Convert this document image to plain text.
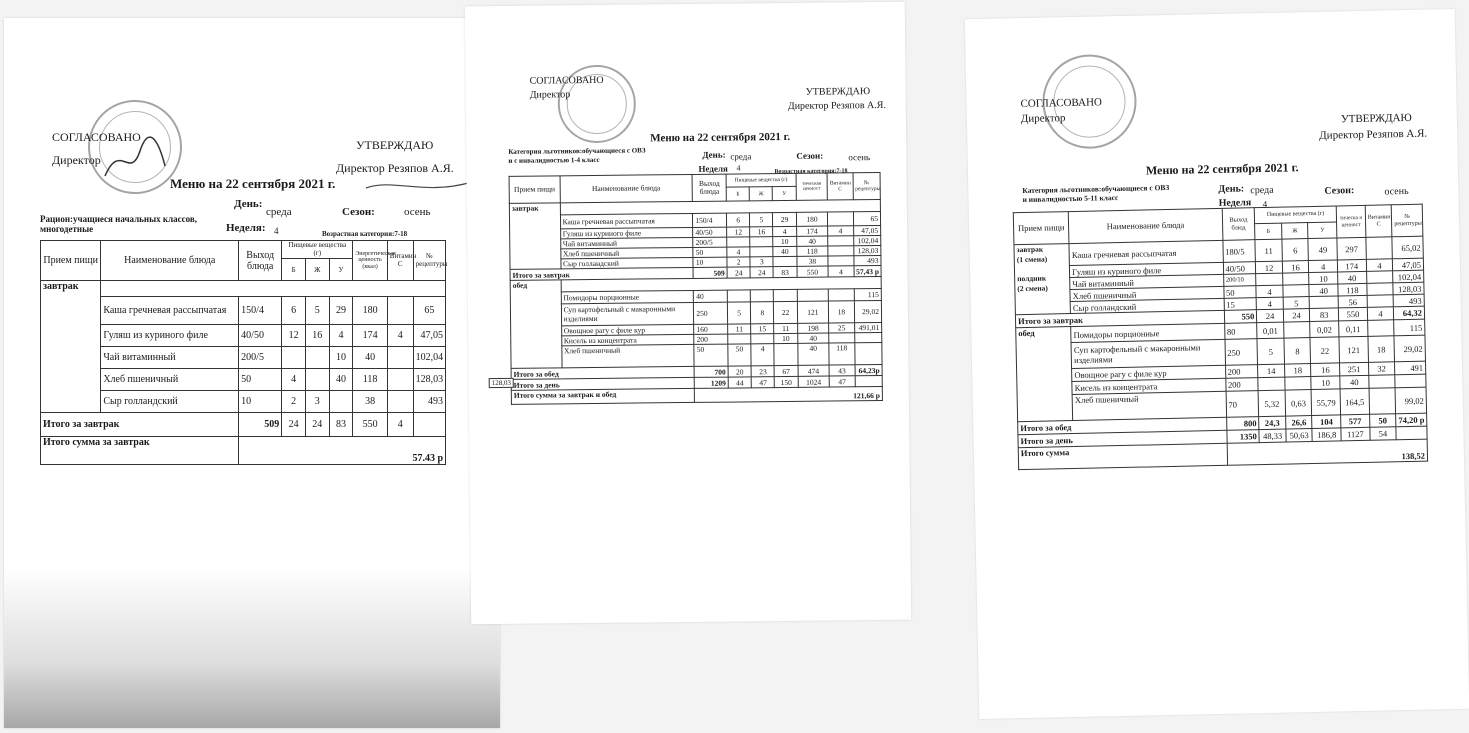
СОГЛАСОВАНО
Директор
УТВЕРЖДАЮ
Директор Резяпов А.Я.
Меню на 22 сентября 2021 г.
День:
среда	Сезон:	осень
Рацион:учащиеся начальных классов,
многодетные	Неделя: 4	Возрастная категория:7-18
Прием пищи	Наименование блюда	Выход блюда	Пищевые вещества (г)			Энергетическая ценность (ккал)	Витамин С	№ рецептуры
			Б	Ж	У			
завтрак								
	Каша гречневая рассыпчатая	150/4	6	5	29	180		65
	Гуляш из куриного филе	40/50	12	16	4	174	4	47,05
	Чай витаминный	200/5			10	40		102,04
	Хлеб пшеничный	50	4		40	118		128,03
	Сыр голландский	10	2	3		38		493
Итого за завтрак		509	24	24	83	550	4	
Итого сумма за завтрак		57.43 р						
СОГЛАСОВАНО
Директор	УТВЕРЖДАЮ
Директор Резяпов А.Я.
Меню на 22 сентября 2021 г.
Категория льготников:обучающиеся с ОВЗ
и с инвалидностью 1-4 класс
День: среда	Сезон:	осень
Неделя 4	Возрастная категория:7-18
Прием пищи	Наименование блюда	Выход блюда	Пищевые вещества (г)			тическая ценност	Витамин С	№ рецептуры
			Б	Ж	У			
завтрак								
	Каша гречневая рассыпчатая	150/4	6	5	29	180		65
	Гуляш из куриного филе	40/50	12	16	4	174	4	47,05
	Чай витаминный	200/5			10	40		102,04
	Хлеб пшеничный	50	4		40	118		128,03
	Сыр голландский	10	2	3		38		493
Итого за завтрак		509	24	24	83	550	4	57,43 р
обед								
	Помидоры порционные	40						115
	Суп картофельный с макаронными изделиями	250	5	8	22	121	18	29,02
	Овощное рагу с филе кур	160	11	15	11	198	25	491,01
	Кисель из концентрата	200			10	40		
	Хлеб пшеничный	50	50	4		40	118	
Итого за обед		700	20	23	67	474	43	64,23р
Итого за день		1209	44	47	150	1024	47	
Итого сумма за завтрак и обед		121,66 р						
128,03
СОГЛАСОВАНО
Директор	УТВЕРЖДАЮ
Директор Резяпов А.Я.
Меню на 22 сентября 2021 г.
Категория льготников:обучающиеся с ОВЗ
и инвалидностью 5-11 класс
День: среда	Сезон:	осень
Неделя 4
Прием пищи	Наименование блюда	Выход блюд	Пищевые вещества (г)			тическа я ценност	Витамин С	№ рецептуры
			Б	Ж	У			
завтрак
(1 смена)

полдник
(2 смена)	Каша гречневая рассыпчатая	180/5	11	6	49	297		65,02
	Гуляш из куриного филе	40/50	12	16	4	174	4	47,05
	Чай витаминный	200/10			10	40		102,04
	Хлеб пшеничный	50	4		40	118		128,03
	Сыр голландский	15	4	5		56		493
Итого за завтрак		550	24	24	83	550	4	64,32
обед	Помидоры порционные	80	0,01		0,02	0,11		115
	Суп картофельный с макаронными изделиями	250	5	8	22	121	18	29,02
	Овощное рагу с филе кур	200	14	18	16	251	32	491
	Кисель из концентрата	200			10	40		
	Хлеб пшеничный	70	5,32	0,63	55,79	164,5		99,02
Итого за обед		800	24,3	26,6	104	577	50	74,20 р
Итого за день		1350	48,33	50,63	186,8	1127	54	
Итого сумма		138,52						
